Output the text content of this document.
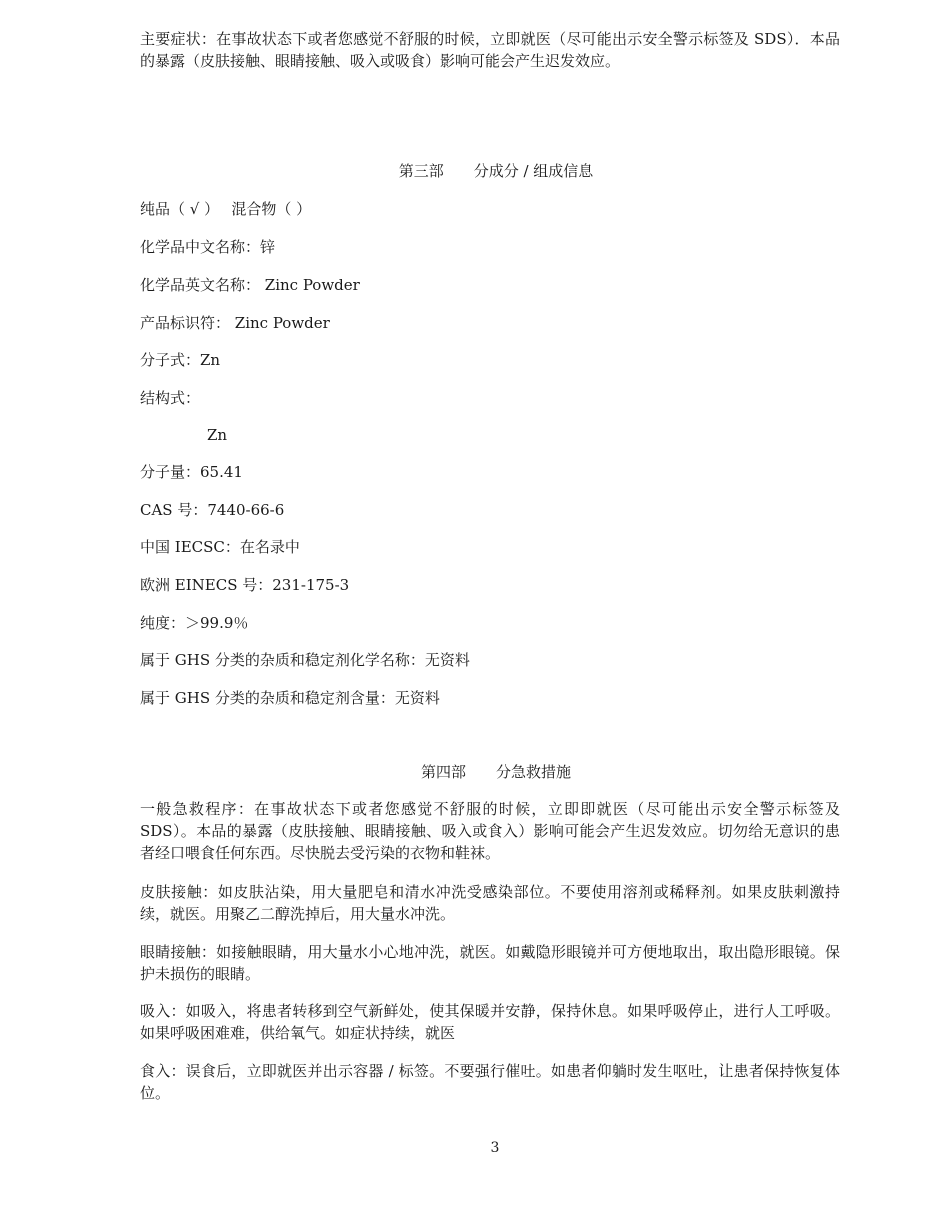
主要症状：在事故状态下或者您感觉不舒服的时候，立即就医（尽可能出示安全警示标签及 SDS）．本品的暴露（皮肤接触、眼睛接触、吸入或吸食）影响可能会产生迟发效应。

第三部　　分成分 / 组成信息

纯品（ √ ）　 混合物（ ）

化学品中文名称：锌

化学品英文名称： Zinc Powder

产品标识符： Zinc Powder

分子式：Zn

结构式：

Zn

分子量：65.41

CAS 号：7440-66-6

中国 IECSC：在名录中

欧洲 EINECS 号：231-175-3

纯度：＞99.9％

属于 GHS 分类的杂质和稳定剂化学名称：无资料

属于 GHS 分类的杂质和稳定剂含量：无资料

第四部　　分急救措施

一般急救程序：在事故状态下或者您感觉不舒服的时候，立即即就医（尽可能出示安全警示标签及 SDS）。本品的暴露（皮肤接触、眼睛接触、吸入或食入）影响可能会产生迟发效应。切勿给无意识的患者经口喂食任何东西。尽快脱去受污染的衣物和鞋袜。

皮肤接触：如皮肤沾染，用大量肥皂和清水冲洗受感染部位。不要使用溶剂或稀释剂。如果皮肤刺激持续，就医。用聚乙二醇洗掉后，用大量水冲洗。

眼睛接触：如接触眼睛，用大量水小心地冲洗，就医。如戴隐形眼镜并可方便地取出，取出隐形眼镜。保护未损伤的眼睛。

吸入：如吸入，将患者转移到空气新鲜处，使其保暖并安静，保持休息。如果呼吸停止，进行人工呼吸。如果呼吸困难难，供给氧气。如症状持续，就医

食入：误食后，立即就医并出示容器 / 标签。不要强行催吐。如患者仰躺时发生呕吐，让患者保持恢复体位。

3
